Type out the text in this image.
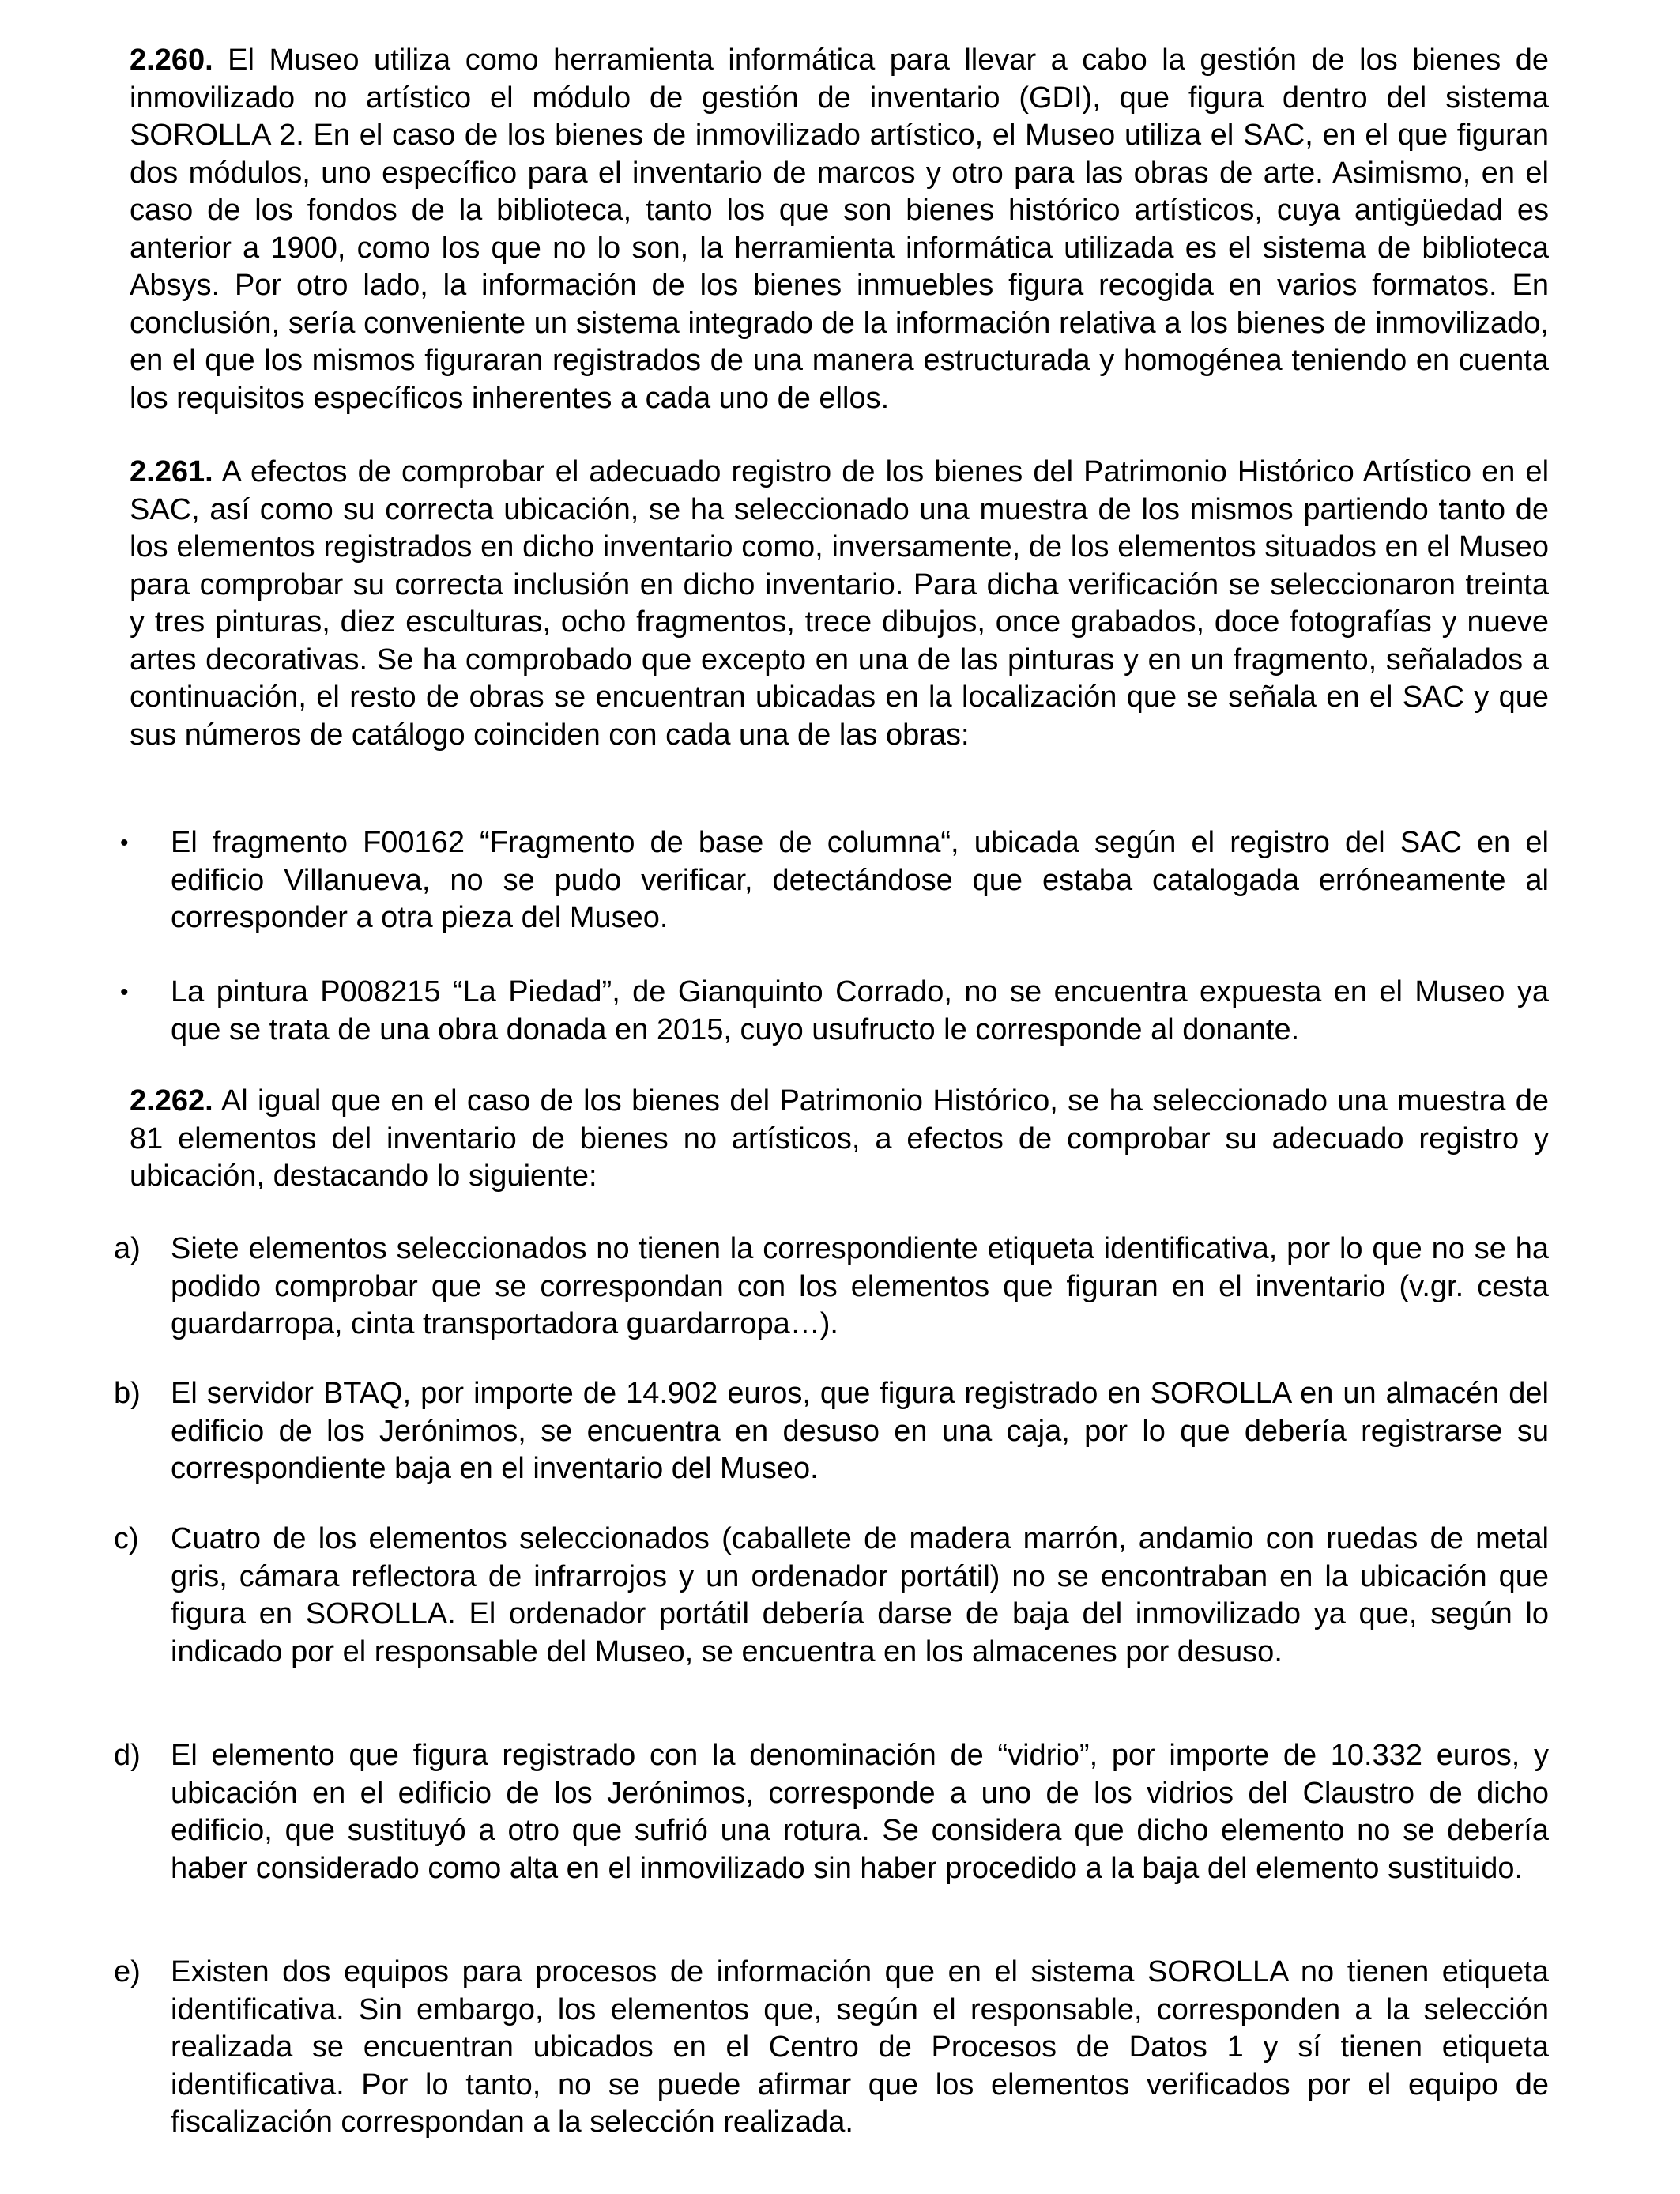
2.260. El Museo utiliza como herramienta informática para llevar a cabo la gestión de los bienes de inmovilizado no artístico el módulo de gestión de inventario (GDI), que figura dentro del sistema SOROLLA 2. En el caso de los bienes de inmovilizado artístico, el Museo utiliza el SAC, en el que figuran dos módulos, uno específico para el inventario de marcos y otro para las obras de arte. Asimismo, en el caso de los fondos de la biblioteca, tanto los que son bienes histórico artísticos, cuya antigüedad es anterior a 1900, como los que no lo son, la herramienta informática utilizada es el sistema de biblioteca Absys. Por otro lado, la información de los bienes inmuebles figura recogida en varios formatos. En conclusión, sería conveniente un sistema integrado de la información relativa a los bienes de inmovilizado, en el que los mismos figuraran registrados de una manera estructurada y homogénea teniendo en cuenta los requisitos específicos inherentes a cada uno de ellos.

2.261. A efectos de comprobar el adecuado registro de los bienes del Patrimonio Histórico Artístico en el SAC, así como su correcta ubicación, se ha seleccionado una muestra de los mismos partiendo tanto de los elementos registrados en dicho inventario como, inversamente, de los elementos situados en el Museo para comprobar su correcta inclusión en dicho inventario. Para dicha verificación se seleccionaron treinta y tres pinturas, diez esculturas, ocho fragmentos, trece dibujos, once grabados, doce fotografías y nueve artes decorativas. Se ha comprobado que excepto en una de las pinturas y en un fragmento, señalados a continuación, el resto de obras se encuentran ubicadas en la localización que se señala en el SAC y que sus números de catálogo coinciden con cada una de las obras:

• El fragmento F00162 “Fragmento de base de columna“, ubicada según el registro del SAC en el edificio Villanueva, no se pudo verificar, detectándose que estaba catalogada erróneamente al corresponder a otra pieza del Museo.
• La pintura P008215 “La Piedad”, de Gianquinto Corrado, no se encuentra expuesta en el Museo ya que se trata de una obra donada en 2015, cuyo usufructo le corresponde al donante.

2.262. Al igual que en el caso de los bienes del Patrimonio Histórico, se ha seleccionado una muestra de 81 elementos del inventario de bienes no artísticos, a efectos de comprobar su adecuado registro y ubicación, destacando lo siguiente:

a)	Siete elementos seleccionados no tienen la correspondiente etiqueta identificativa, por lo que no se ha podido comprobar que se correspondan con los elementos que figuran en el inventario (v.gr. cesta guardarropa, cinta transportadora guardarropa…).
b)	El servidor BTAQ, por importe de 14.902 euros, que figura registrado en SOROLLA en un almacén del edificio de los Jerónimos, se encuentra en desuso en una caja, por lo que debería registrarse su correspondiente baja en el inventario del Museo.
c)	Cuatro de los elementos seleccionados (caballete de madera marrón, andamio con ruedas de metal gris, cámara reflectora de infrarrojos y un ordenador portátil) no se encontraban en la ubicación que figura en SOROLLA. El ordenador portátil debería darse de baja del inmovilizado ya que, según lo indicado por el responsable del Museo, se encuentra en los almacenes por desuso.
d)	El elemento que figura registrado con la denominación de “vidrio”, por importe de 10.332 euros, y ubicación en el edificio de los Jerónimos, corresponde a uno de los vidrios del Claustro de dicho edificio, que sustituyó a otro que sufrió una rotura. Se considera que dicho elemento no se debería haber considerado como alta en el inmovilizado sin haber procedido a la baja del elemento sustituido.
e)	Existen dos equipos para procesos de información que en el sistema SOROLLA no tienen etiqueta identificativa. Sin embargo, los elementos que, según el responsable, corresponden a la selección realizada se encuentran ubicados en el Centro de Procesos de Datos 1 y sí tienen etiqueta identificativa. Por lo tanto, no se puede afirmar que los elementos verificados por el equipo de fiscalización correspondan a la selección realizada.
